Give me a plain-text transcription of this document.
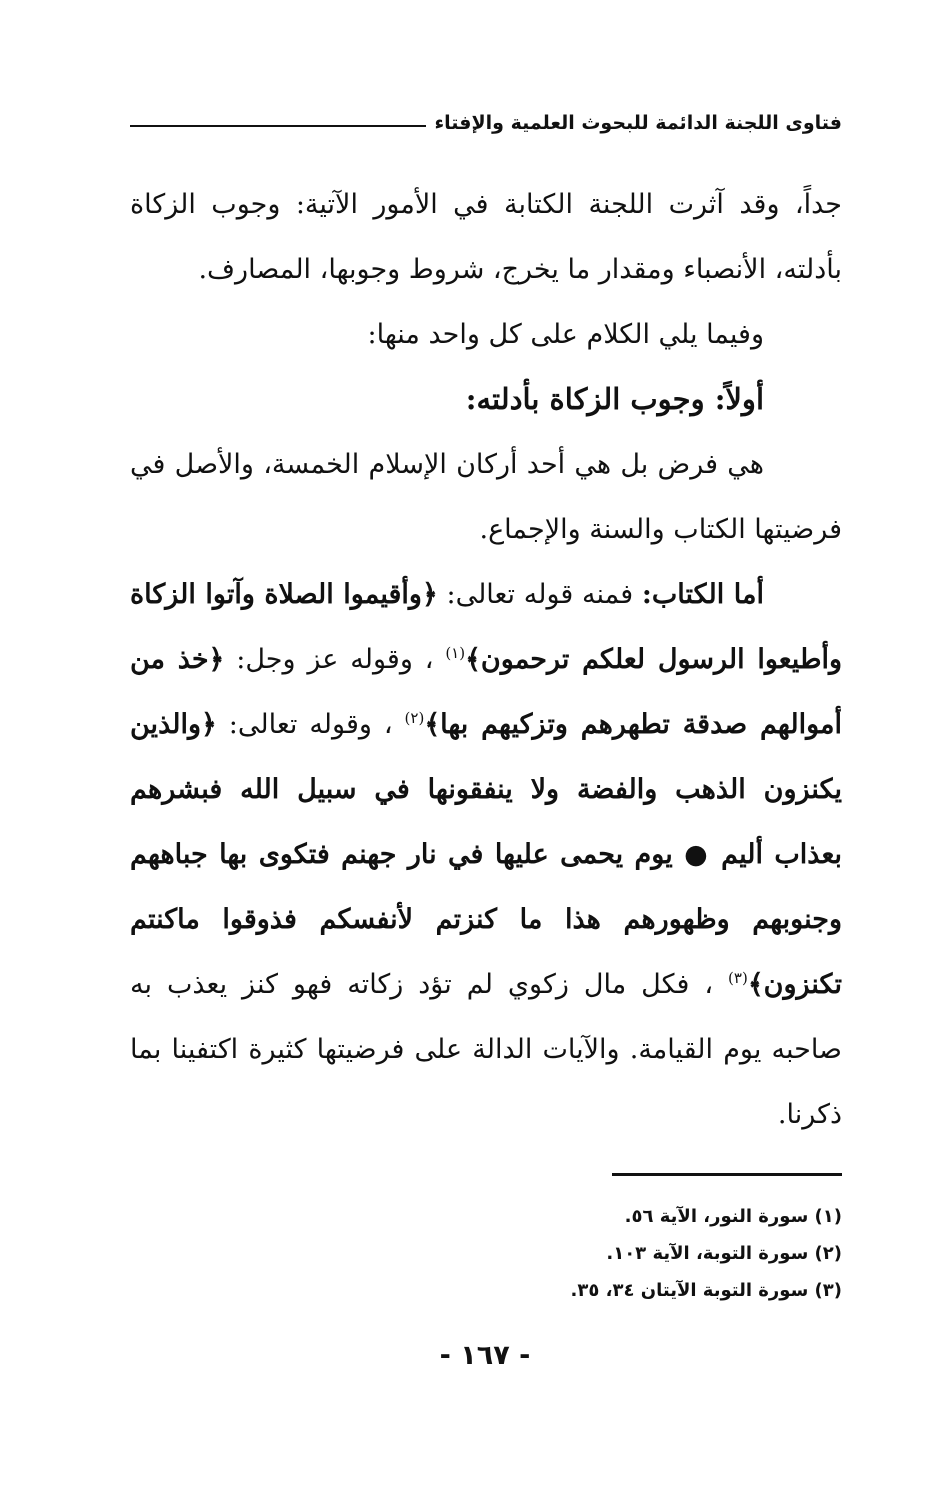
فتاوى اللجنة الدائمة للبحوث العلمية والإفتاء

جداً، وقد آثرت اللجنة الكتابة في الأمور الآتية: وجوب الزكاة بأدلته، الأنصباء ومقدار ما يخرج، شروط وجوبها، المصارف.

وفيما يلي الكلام على كل واحد منها:

أولاً: وجوب الزكاة بأدلته:

هي فرض بل هي أحد أركان الإسلام الخمسة، والأصل في فرضيتها الكتاب والسنة والإجماع.

أما الكتاب: فمنه قوله تعالى: ﴿وأقيموا الصلاة وآتوا الزكاة وأطيعوا الرسول لعلكم ترحمون﴾$^{(١)}$ ، وقوله عز وجل: ﴿خذ من أموالهم صدقة تطهرهم وتزكيهم بها﴾$^{(٢)}$ ، وقوله تعالى: ﴿والذين يكنزون الذهب والفضة ولا ينفقونها في سبيل الله فبشرهم بعذاب أليم ● يوم يحمى عليها في نار جهنم فتكوى بها جباههم وجنوبهم وظهورهم هذا ما كنزتم لأنفسكم فذوقوا ماكنتم تكنزون﴾$^{(٣)}$ ، فكل مال زكوي لم تؤد زكاته فهو كنز يعذب به صاحبه يوم القيامة. والآيات الدالة على فرضيتها كثيرة اكتفينا بما ذكرنا.

(١) سورة النور، الآية ٥٦.
(٢) سورة التوبة، الآية ١٠٣.
(٣) سورة التوبة الآيتان ٣٤، ٣٥.
- ١٦٧ -
